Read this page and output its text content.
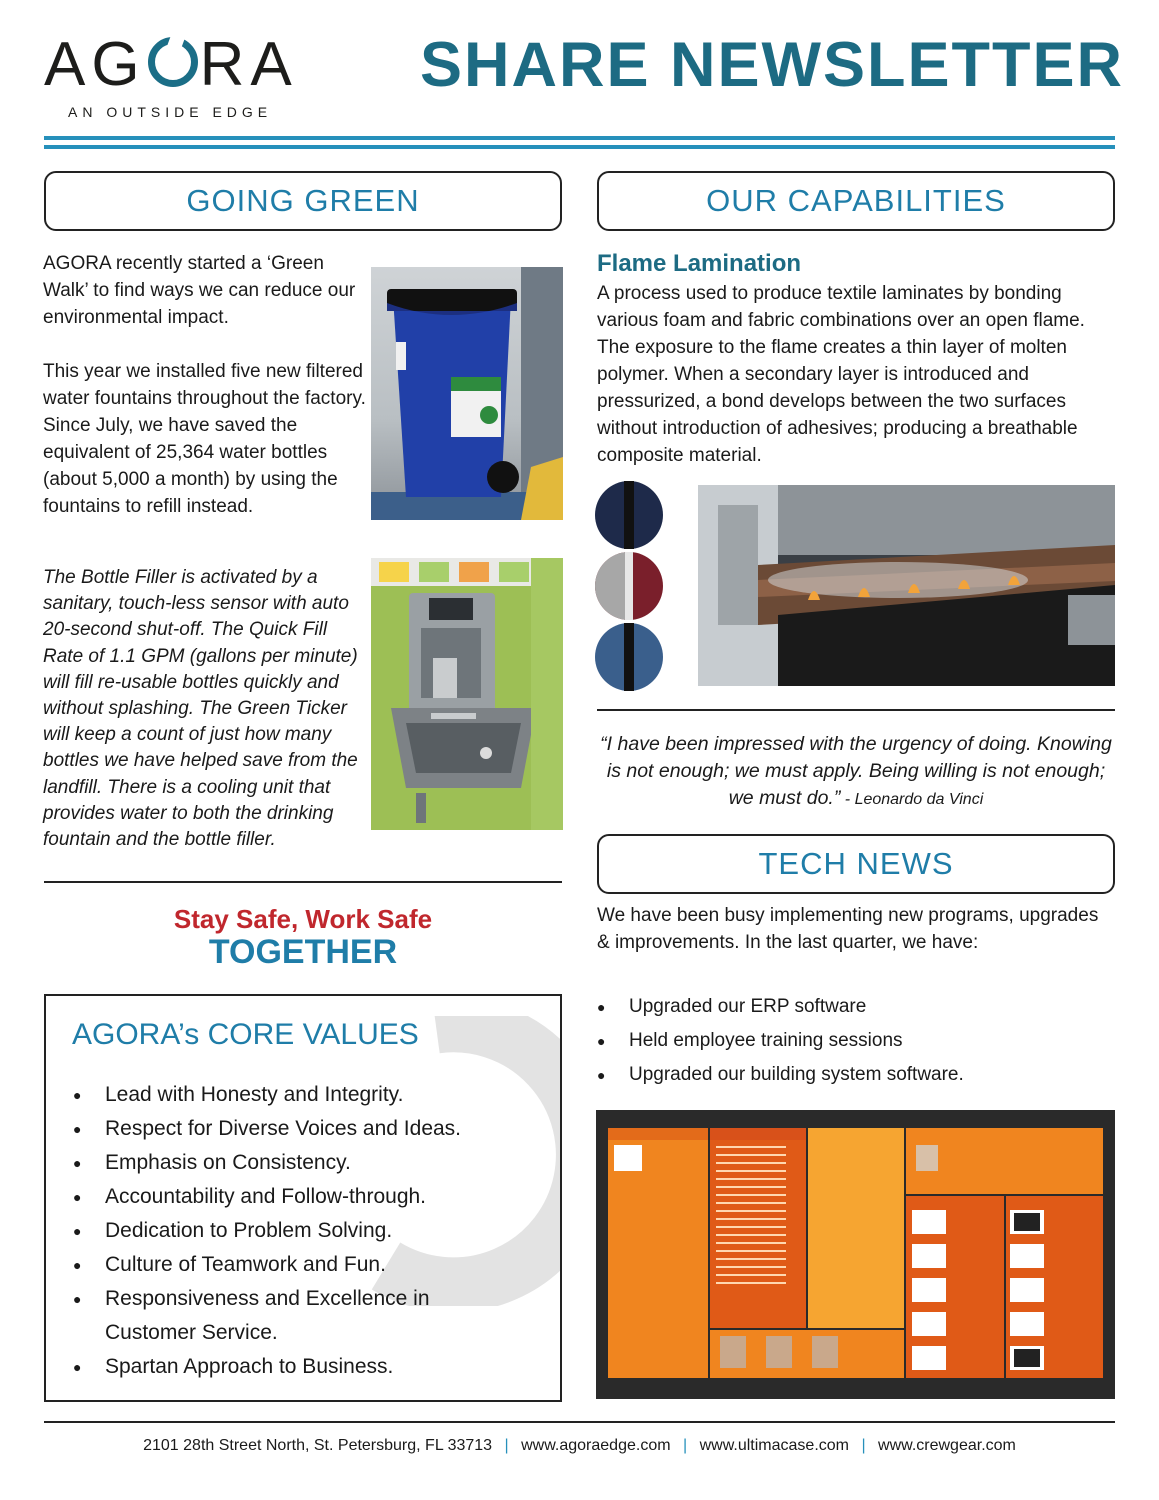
AG RA
AN OUTSIDE EDGE
SHARE NEWSLETTER
GOING GREEN
AGORA recently started a ‘Green Walk’ to find ways we can reduce our environmental impact.
This year we installed five new filtered water fountains throughout the factory. Since July, we have saved the equivalent of 25,364 water bottles (about 5,000 a month) by using the fountains to refill instead.
The Bottle Filler is activated by a sanitary, touch-less sensor with auto 20-second shut-off. The Quick Fill Rate of 1.1 GPM (gallons per minute) will fill re-usable bottles quickly and without splashing. The Green Ticker will keep a count of just how many bottles we have helped save from the landfill. There is a cooling unit that provides water to both the drinking fountain and the bottle filler.
Stay Safe, Work Safe
TOGETHER
AGORA’s CORE VALUES
● Lead with Honesty and Integrity.
● Respect for Diverse Voices and Ideas.
● Emphasis on Consistency.
● Accountability and Follow-through.
● Dedication to Problem Solving.
● Culture of Teamwork and Fun.
● Responsiveness and Excellence in Customer Service.
● Spartan Approach to Business.
OUR CAPABILITIES
Flame Lamination
A process used to produce textile laminates by bonding various foam and fabric combinations over an open flame. The exposure to the flame creates a thin layer of molten polymer. When a secondary layer is introduced and pressurized, a bond develops between the two surfaces without introduction of adhesives; producing a breathable composite material.
“I have been impressed with the urgency of doing. Knowing is not enough; we must apply. Being willing is not enough; we must do.” - Leonardo da Vinci
TECH NEWS
We have been busy implementing new programs, upgrades & improvements. In the last quarter, we have:
● Upgraded our ERP software
● Held employee training sessions
● Upgraded our building system software.
2101 28th Street North, St. Petersburg, FL 33713 | www.agoraedge.com | www.ultimacase.com | www.crewgear.com
